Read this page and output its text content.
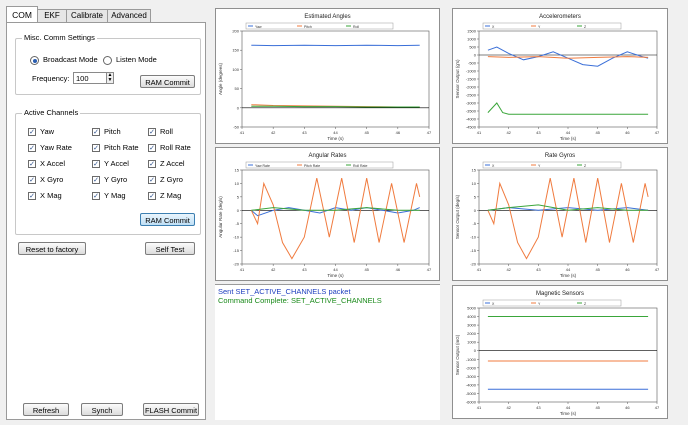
COM	EKF	Calibrate	Advanced
Misc. Comm Settings
Broadcast Mode Listen Mode
Frequency: 100	▲
▼	RAM Commit
Active Channels
RAM Commit
Reset to factory	Self Test
Refresh	Synch	FLASH Commit
✓ Yaw	✓ Pitch	✓ Roll
✓ Yaw Rate	✓ Pitch Rate ✓ Roll Rate
✓ X Accel	✓ Y Accel	✓ Z Accel
✓ X Gyro	✓ Y Gyro	✓ Z Gyro
✓ X Mag	✓ Y Mag	✓ Z Mag
Estimated Angles
Yaw	Pitch	Roll
41	42	43	44	45	46	47
-50
0
50
100
150
200
Time (s)
Angle (degrees)
Accelerometers
X	Y	Z
41	42	43	44	45	46	47
-4500
-4000
-3500
-3000
-2500
-2000
-1500
-1000
-500
0
500
1000
1500
Time (s)
Sensor Output (g's)
Angular Rates
Yaw Rate	Pitch Rate	Roll Rate
41	42	43	44	45	46	47
-20
-15
-10
-5
0
5
10
15
Time (s)
Angular Rate (deg/s)
Rate Gyros
X	Y	Z
41	42	43	44	45	46	47
-20
-15
-10
-5
0
5
10
15
Time (s)
Sensor Output (deg/s)
Magnetic Sensors
X	Y	Z
41	42	43	44	45	46	47
-6000
-5000
-4000
-3000
-2000
-1000
0
1000
2000
3000
4000
5000
Time (s)
Sensor Output (mG)
Sent SET_ACTIVE_CHANNELS packet
Command Complete: SET_ACTIVE_CHANNELS
